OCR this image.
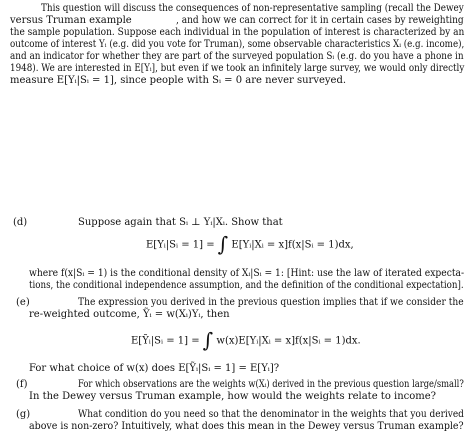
This question will discuss the consequences of non-representative sampling (recall the Dewey
versus Truman example	, and how we can correct for it in certain cases by reweighting
the sample population. Suppose each individual in the population of interest is characterized by an
outcome of interest Yᵢ (e.g. did you vote for Truman), some observable characteristics Xᵢ (e.g. income),
and an indicator for whether they are part of the surveyed population Sᵢ (e.g. do you have a phone in
1948). We are interested in E[Yᵢ], but even if we took an infinitely large survey, we would only directly
measure E[Yᵢ|Sᵢ = 1], since people with Sᵢ = 0 are never surveyed.
(d)	Suppose again that Sᵢ ⊥ Yᵢ|Xᵢ. Show that
E[Yᵢ|Sᵢ = 1] = ∫ E[Yᵢ|Xᵢ = x]f(x|Sᵢ = 1)dx,
where f(x|Sᵢ = 1) is the conditional density of Xᵢ|Sᵢ = 1: [Hint: use the law of iterated expecta-
tions, the conditional independence assumption, and the definition of the conditional expectation].
(e)	The expression you derived in the previous question implies that if we consider the
re-weighted outcome, Ỹᵢ = w(Xᵢ)Yᵢ, then
E[Ỹᵢ|Sᵢ = 1] = ∫ w(x)E[Yᵢ|Xᵢ = x]f(x|Sᵢ = 1)dx.
For what choice of w(x) does E[Ỹᵢ|Sᵢ = 1] = E[Yᵢ]?
(f)	For which observations are the weights w(Xᵢ) derived in the previous question large/small?
In the Dewey versus Truman example, how would the weights relate to income?
(g)	What condition do you need so that the denominator in the weights that you derived
above is non-zero? Intuitively, what does this mean in the Dewey versus Truman example?
